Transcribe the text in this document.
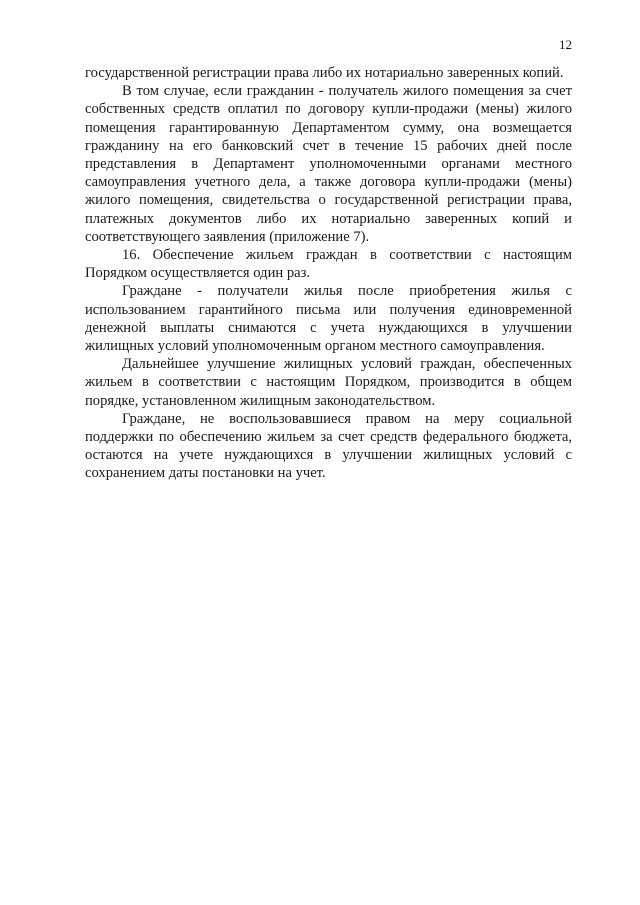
12

государственной регистрации права либо их нотариально заверенных копий.

В том случае, если гражданин - получатель жилого помещения за счет собственных средств оплатил по договору купли-продажи (мены) жилого помещения гарантированную Департаментом сумму, она возмещается гражданину на его банковский счет в течение 15 рабочих дней после представления в Департамент уполномоченными органами местного самоуправления учетного дела, а также договора купли-продажи (мены) жилого помещения, свидетельства о государственной регистрации права, платежных документов либо их нотариально заверенных копий и соответствующего заявления (приложение 7).

16. Обеспечение жильем граждан в соответствии с настоящим Порядком осуществляется один раз.

Граждане - получатели жилья после приобретения жилья с использованием гарантийного письма или получения единовременной денежной выплаты снимаются с учета нуждающихся в улучшении жилищных условий уполномоченным органом местного самоуправления.

Дальнейшее улучшение жилищных условий граждан, обеспеченных жильем в соответствии с настоящим Порядком, производится в общем порядке, установленном жилищным законодательством.

Граждане, не воспользовавшиеся правом на меру социальной поддержки по обеспечению жильем за счет средств федерального бюджета, остаются на учете нуждающихся в улучшении жилищных условий с сохранением даты постановки на учет.
